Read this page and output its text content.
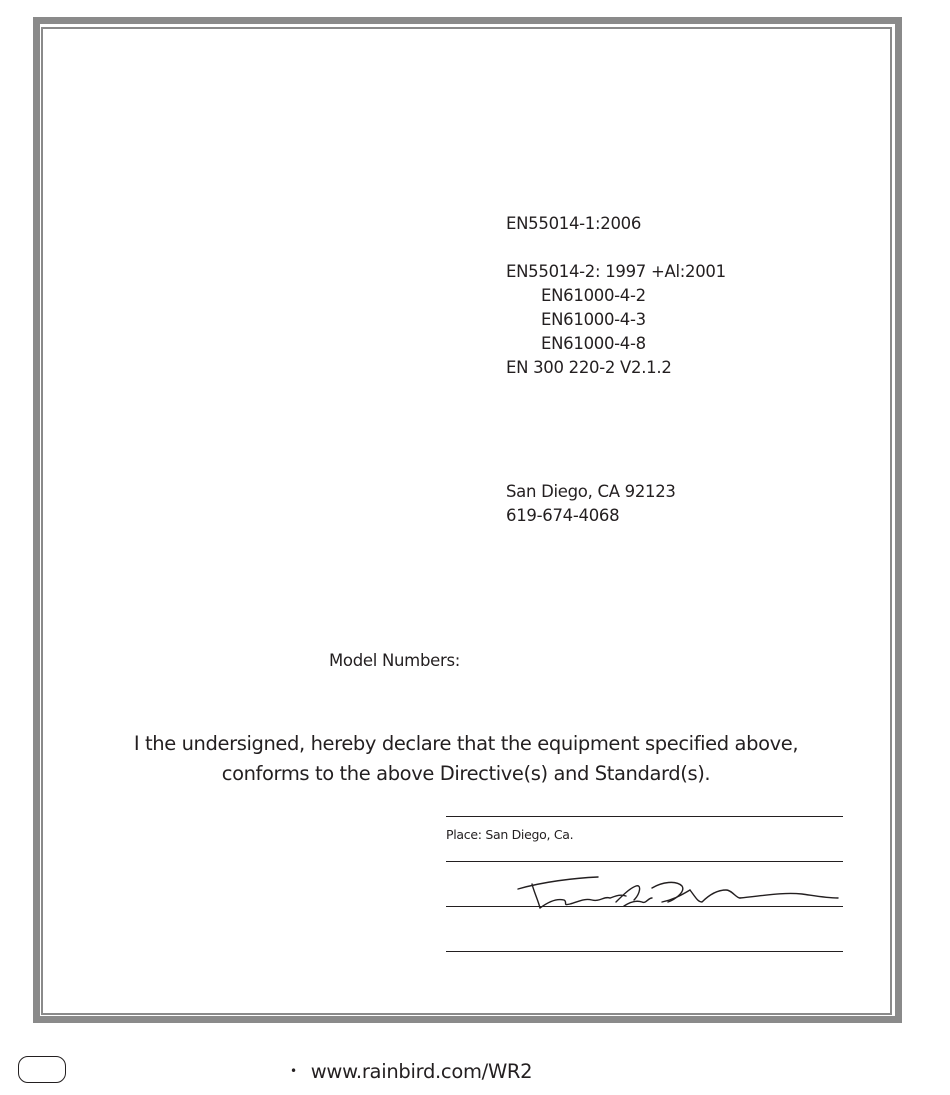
EN55014-1:2006
EN55014-2: 1997 +Al:2001
EN61000-4-2
EN61000-4-3
EN61000-4-8
EN 300 220-2 V2.1.2
San Diego, CA 92123
619-674-4068
Model Numbers:
I the undersigned, hereby declare that the equipment specified above,
conforms to the above Directive(s) and Standard(s).
Place: San Diego, Ca.
• www.rainbird.com/WR2
